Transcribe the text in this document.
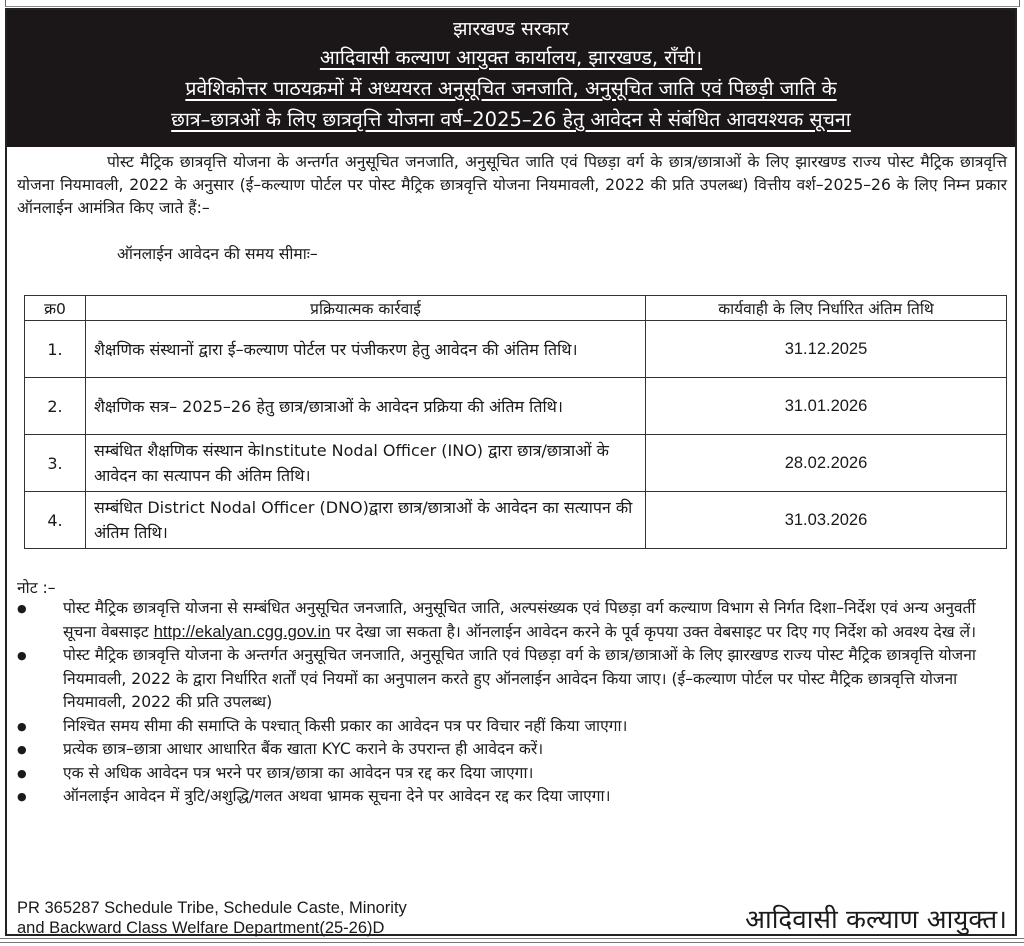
झारखण्ड सरकार
आदिवासी कल्याण आयुक्त कार्यालय, झारखण्ड, राँची।
प्रवेशिकोत्तर पाठयक्रमों में अध्ययरत अनुसूचित जनजाति, अनुसूचित जाति एवं पिछड़ी जाति के
छात्र–छात्रओं के लिए छात्रवृत्ति योजना वर्ष–2025–26 हेतु आवेदन से संबंधित आवयश्यक सूचना
पोस्ट मैट्रिक छात्रवृत्ति योजना के अन्तर्गत अनुसूचित जनजाति, अनुसूचित जाति एवं पिछड़ा वर्ग के छात्र/छात्राओं के लिए झारखण्ड राज्य पोस्ट मैट्रिक छात्रवृत्ति योजना नियमावली, 2022 के अनुसार (ई–कल्याण पोर्टल पर पोस्ट मैट्रिक छात्रवृत्ति योजना नियमावली, 2022 की प्रति उपलब्ध) वित्तीय वर्श–2025–26 के लिए निम्न प्रकार ऑनलाईन आमंत्रित किए जाते हैं:–
ऑनलाईन आवेदन की समय सीमाः–
क्र0	प्रक्रियात्मक कार्रवाई	कार्यवाही के लिए निर्धारित अंतिम तिथि
1.	शैक्षणिक संस्थानों द्वारा ई–कल्याण पोर्टल पर पंजीकरण हेतु आवेदन की अंतिम तिथि।	31.12.2025
2.	शैक्षणिक सत्र– 2025–26 हेतु छात्र/छात्राओं के आवेदन प्रक्रिया की अंतिम तिथि।	31.01.2026
3.	सम्बंधित शैक्षणिक संस्थान केInstitute Nodal Officer (INO) द्वारा छात्र/छात्राओं के आवेदन का सत्यापन की अंतिम तिथि।	28.02.2026
4.	सम्बंधित District Nodal Officer (DNO)द्वारा छात्र/छात्राओं के आवेदन का सत्यापन की अंतिम तिथि।	31.03.2026
नोट :–
● पोस्ट मैट्रिक छात्रवृत्ति योजना से सम्बंधित अनुसूचित जनजाति, अनुसूचित जाति, अल्पसंख्यक एवं पिछड़ा वर्ग कल्याण विभाग से निर्गत दिशा–निर्देश एवं अन्य अनुवर्ती सूचना वेबसाइट http://ekalyan.cgg.gov.in पर देखा जा सकता है। ऑनलाईन आवेदन करने के पूर्व कृपया उक्त वेबसाइट पर दिए गए निर्देश को अवश्य देख लें।
● पोस्ट मैट्रिक छात्रवृत्ति योजना के अन्तर्गत अनुसूचित जनजाति, अनुसूचित जाति एवं पिछड़ा वर्ग के छात्र/छात्राओं के लिए झारखण्ड राज्य पोस्ट मैट्रिक छात्रवृत्ति योजना नियमावली, 2022 के द्वारा निर्धारित शर्तों एवं नियमों का अनुपालन करते हुए ऑनलाईन आवेदन किया जाए। (ई–कल्याण पोर्टल पर पोस्ट मैट्रिक छात्रवृत्ति योजना नियमावली, 2022 की प्रति उपलब्ध)
● निश्चित समय सीमा की समाप्ति के पश्चात् किसी प्रकार का आवेदन पत्र पर विचार नहीं किया जाएगा।
● प्रत्येक छात्र–छात्रा आधार आधारित बैंक खाता KYC कराने के उपरान्त ही आवेदन करें।
● एक से अधिक आवेदन पत्र भरने पर छात्र/छात्रा का आवेदन पत्र रद्द कर दिया जाएगा।
● ऑनलाईन आवेदन में त्रुटि/अशुद्धि/गलत अथवा भ्रामक सूचना देने पर आवेदन रद्द कर दिया जाएगा।
PR 365287 Schedule Tribe, Schedule Caste, Minority
and Backward Class Welfare Department(25-26)D	आदिवासी कल्याण आयुक्त।
